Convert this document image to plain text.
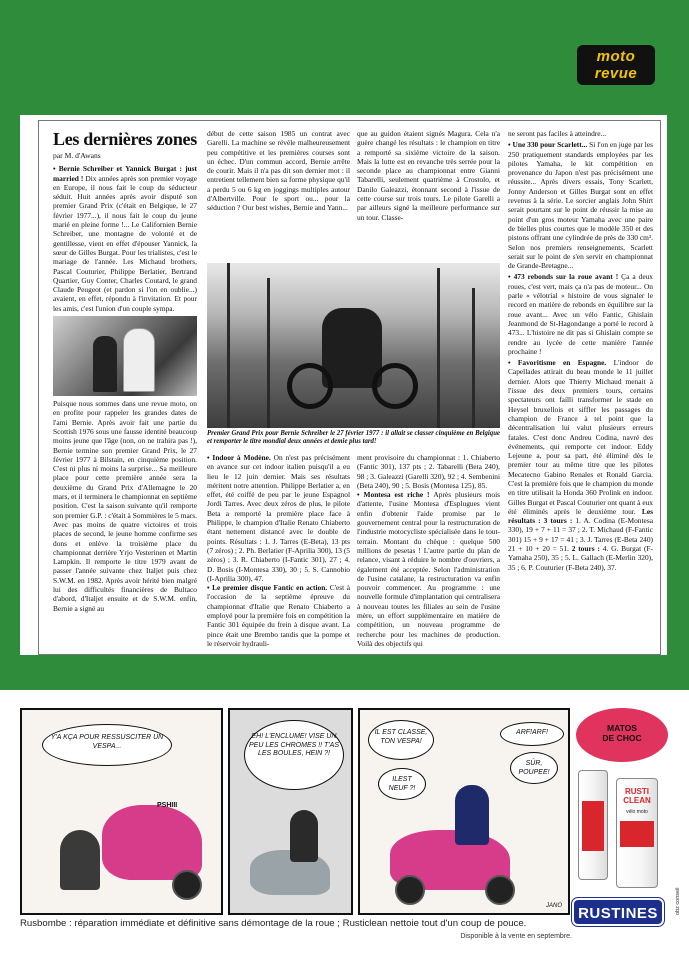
moto
revue
Les dernières zones
par M. d'Awans

• Bernie Schreiber et Yannick Burgat : just married ! Dix années après son premier voyage en Europe, il nous fait le coup du séducteur séduit. Huit années après avoir disputé son premier Grand Prix (c'était en Belgique, le 27 février 1977...), il nous fait le coup du jeune marié en pleine forme !... Le Californien Bernie Schreiber, une montagne de volonté et de gentillesse, vient en effet d'épouser Yannick, la sœur de Gilles Burgat. Pour les trialistes, c'est le mariage de l'année. Les Michaud brothers, Pascal Couturier, Philippe Berlatier, Bertrand Quartier, Guy Conter, Charles Coutard, le grand Claude Peugeot (et pardon si l'on en oublie...) avaient, en effet, répondu à l'invitation. Et pour les amis, c'est l'union d'un couple sympa.

Puisque nous sommes dans une revue moto, on en profite pour rappeler les grandes dates de l'ami Bernie. Après avoir fait une partie du Scottish 1976 sous une fausse identité beaucoup moins jeune que l'âge (non, on ne trahira pas !), Bernie termine son premier Grand Prix, le 27 février 1977 à Bilstain, en cinquième position. C'est ni plus ni moins la surprise... Sa meilleure place pour cette première année sera la deuxième du Grand Prix d'Allemagne le 20 mars, et il terminera le championnat en septième position. C'est la saison suivante qu'il remporte son premier G.P. : c'était à Sommières le 5 mars. Avec pas moins de quatre victoires et trois places de second, le jeune homme confirme ses dons et enlève la troisième place du championnat derrière Yrjo Vesterinen et Martin Lampkin. Il remporte le titre 1979 avant de passer l'année suivante chez Italjet puis chez S.W.M. en 1982. Après avoir hérité bien malgré lui des difficultés financières de Bultaco d'abord, d'Italjet ensuite et de S.W.M. enfin, Bernie a signé au

début de cette saison 1985 un contrat avec Garelli. La machine se révèle malheureusement peu compétitive et les premières courses sont un échec. D'un commun accord, Bernie arrête de courir. Mais il n'a pas dit son dernier mot : il entretient tellement bien sa forme physique qu'il a perdu 5 ou 6 kg en joggings multiples autour d'Albertville. Pour le sport ou... pour la séduction ? Our best wishes, Bernie and Yann...

que au guidon étaient signés Magura. Cela n'a guère changé les résultats : le champion en titre a remporté sa sixième victoire de la saison. Mais la lutte est en revanche très serrée pour la seconde place au championnat entre Gianni Tabarelli, seulement quatrième à Crostolo, et Danilo Galeazzi, étonnant second à l'issue de cette course sur trois tours. Le pilote Garelli a par ailleurs signé la meilleure performance sur un tour. Classe-

Premier Grand Prix pour Bernie Schreiber le 27 février 1977 : il allait se classer cinquième en Belgique et remporter le titre mondial deux années et demie plus tard!

• Indoor à Modène. On n'est pas précisément en avance sur cet indoor italien puisqu'il a eu lieu le 12 juin dernier. Mais ses résultats méritent notre attention. Philippe Berlatier a, en effet, été coiffé de peu par le jeune Espagnol Jordi Tarres. Avec deux zéros de plus, le pilote Beta a remporté la première place face à Philippe, le champion d'Italie Renato Chiaberto étant nettement distancé avec le double de points. Résultats : 1. J. Tarres (E-Beta), 13 pts (7 zéros) ; 2. Ph. Berlatier (F-Aprilia 300), 13 (5 zéros) ; 3. R. Chiaberto (I-Fantic 301), 27 ; 4. D. Bosis (I-Montesa 330), 30 ; 5. S. Cannobio (I-Aprilia 300), 47.

• Le premier disque Fantic en action. C'est à l'occasion de la septième épreuve du championnat d'Italie que Renato Chiaberto a employé pour la première fois en compétition la Fantic 301 équipée du frein à disque avant. La pince était une Brembo tandis que la pompe et le réservoir hydrauli-

ment provisoire du championnat : 1. Chiaberto (Fantic 301), 137 pts ; 2. Tabarelli (Beta 240), 98 ; 3. Galeazzi (Garelli 320), 92 ; 4. Sembenini (Beta 240), 90 ; 5. Bosis (Montesa 125), 85.

• Montesa est riche ! Après plusieurs mois d'attente, l'usine Montesa d'Esplugues vient enfin d'obtenir l'aide promise par le gouvernement central pour la restructuration de l'industrie motocycliste spécialisée dans le tout-terrain. Montant du chèque : quelque 500 millions de pesetas ! L'autre partie du plan de relance, visant à réduire le nombre d'ouvriers, a également été acceptée. Selon l'administration de l'usine catalane, la restructuration va enfin pouvoir commencer. Au programme : une nouvelle formule d'implantation qui centralisera à nouveau toutes les filiales au sein de l'usine mère, un effort supplémentaire en matière de compétition, un nouveau programme de recherche pour les machines de production. Voilà des objectifs qui

ne seront pas faciles à atteindre...

• Une 330 pour Scarlett... Si l'on en juge par les 250 pratiquement standards employées par les pilotes Yamaha, le kit compétition en provenance du Japon n'est pas précisément une réussite... Après divers essais, Tony Scarlett, Jonny Anderson et Gilles Burgat sont en effet revenus à la série. Le sorcier anglais John Shirt serait pourtant sur le point de réussir la mise au point d'un gros moteur Yamaha avec une paire de bielles plus courtes que le modèle 350 et des pistons offrant une cylindrée de près de 330 cm³. Selon nos premiers renseignements, Scarlett serait sur le point de s'en servir en championnat de Grande-Bretagne...

• 473 rebonds sur la roue avant ! Ça a deux roues, c'est vert, mais ça n'a pas de moteur... On parle « vélotrial » histoire de vous signaler le record en matière de rebonds en équilibre sur la roue avant... Avec un vélo Fantic, Ghislain Jeanmond de St-Hagondange a porté le record à 473... L'histoire ne dit pas si Ghislain compte se rendre au lycée de cette manière l'année prochaine !

• Favoritisme en Espagne. L'indoor de Capellades attirait du beau monde le 11 juillet dernier. Alors que Thierry Michaud menait à l'issue des deux premiers tours, certains spectateurs ont failli transformer le stade en Heysel bruxellois et siffler les passages du champion de France à tel point que la décentralisation lui valut plusieurs erreurs fatales. C'est donc Andreu Codina, navré des événements, qui remporte cet indoor. Eddy Lejeune a, pour sa part, été éliminé dès le premier tour au même titre que les pilotes Mecatecno Gabino Renales et Ronald Garcia. C'est la première fois que le champion du monde en titre utilisait la Honda 360 Prolink en indoor. Gilles Burgat et Pascal Couturier ont quant à eux été éliminés après le deuxième tour. Les résultats : 3 tours : 1. A. Codina (E-Montesa 330), 19 + 7 + 11 = 37 ; 2. T. Michaud (F-Fantic 301) 15 + 9 + 17 = 41 ; 3. J. Tarres (E-Beta 240) 21 + 10 + 20 = 51. 2 tours : 4. G. Burgat (F-Yamaha 250), 35 ; 5. L. Gallach (E-Merlin 320), 35 ; 6. P. Couturier (F-Beta 240), 37.

Y'A KÇA POUR RESSUSCITER UN VESPA...
PSHIII
EH! L'ENCLUME! VISE UN PEU LES CHROMES !! T'AS LES BOULES, HEIN ?!
IL EST CLASSE, TON VESPA!
ILEST NEUF ?!
ARF!ARF!
SÛR, POUPEE!
JANO
MATOS
DE CHOC
RUSTI CLEAN
vélo moto
RUSTINES	obz conseil
Rusbombe : réparation immédiate et définitive sans démontage de la roue ; Rusticlean nettoie tout d'un coup de pouce.
Disponible à la vente en septembre.
